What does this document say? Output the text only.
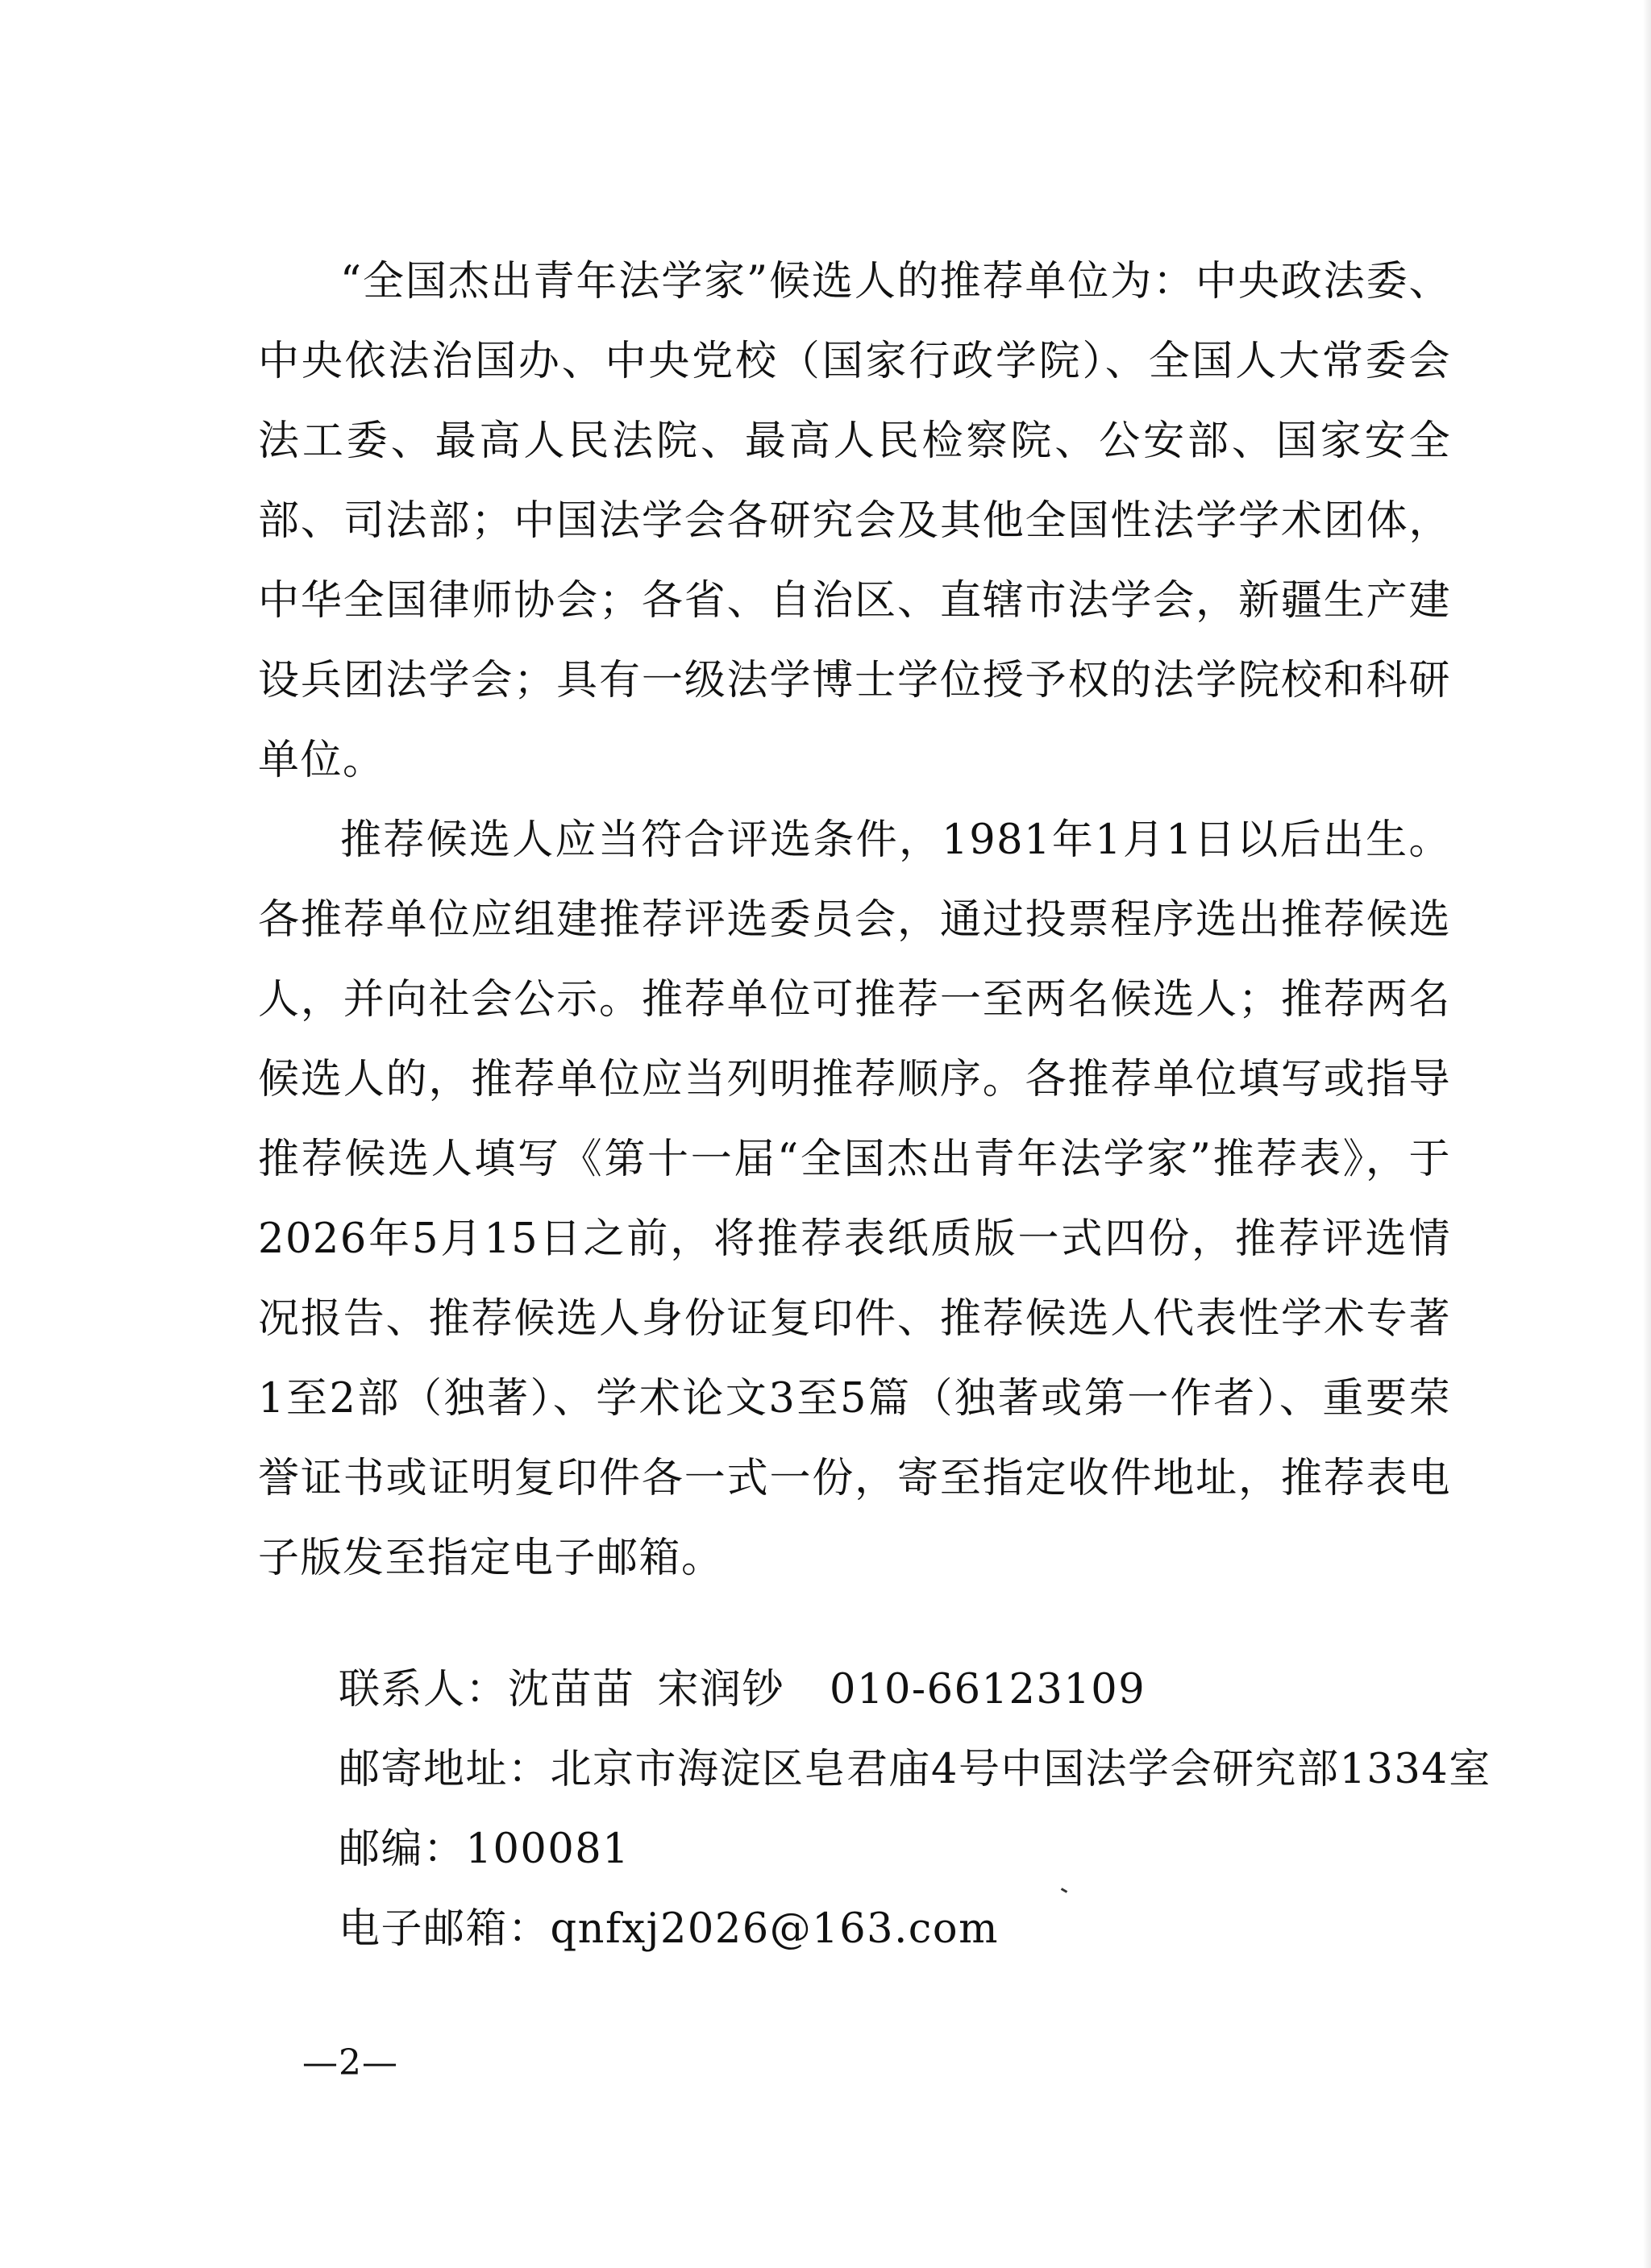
“全国杰出青年法学家”候选人的推荐单位为：中央政法委、中央依法治国办、中央党校（国家行政学院）、全国人大常委会法工委、最高人民法院、最高人民检察院、公安部、国家安全部、司法部；中国法学会各研究会及其他全国性法学学术团体，中华全国律师协会；各省、自治区、直辖市法学会，新疆生产建设兵团法学会；具有一级法学博士学位授予权的法学院校和科研单位。

推荐候选人应当符合评选条件，1981年1月1日以后出生。各推荐单位应组建推荐评选委员会，通过投票程序选出推荐候选人，并向社会公示。推荐单位可推荐一至两名候选人；推荐两名候选人的，推荐单位应当列明推荐顺序。各推荐单位填写或指导推荐候选人填写《第十一届“全国杰出青年法学家”推荐表》，于2026年5月15日之前，将推荐表纸质版一式四份，推荐评选情况报告、推荐候选人身份证复印件、推荐候选人代表性学术专著1至2部（独著）、学术论文3至5篇（独著或第一作者）、重要荣誉证书或证明复印件各一式一份，寄至指定收件地址，推荐表电子版发至指定电子邮箱。

联系人：沈苗苗 宋润钞 010-66123109
邮寄地址：北京市海淀区皂君庙4号中国法学会研究部1334室
邮编：100081
电子邮箱：qnfxj2026@163.com
—2—
